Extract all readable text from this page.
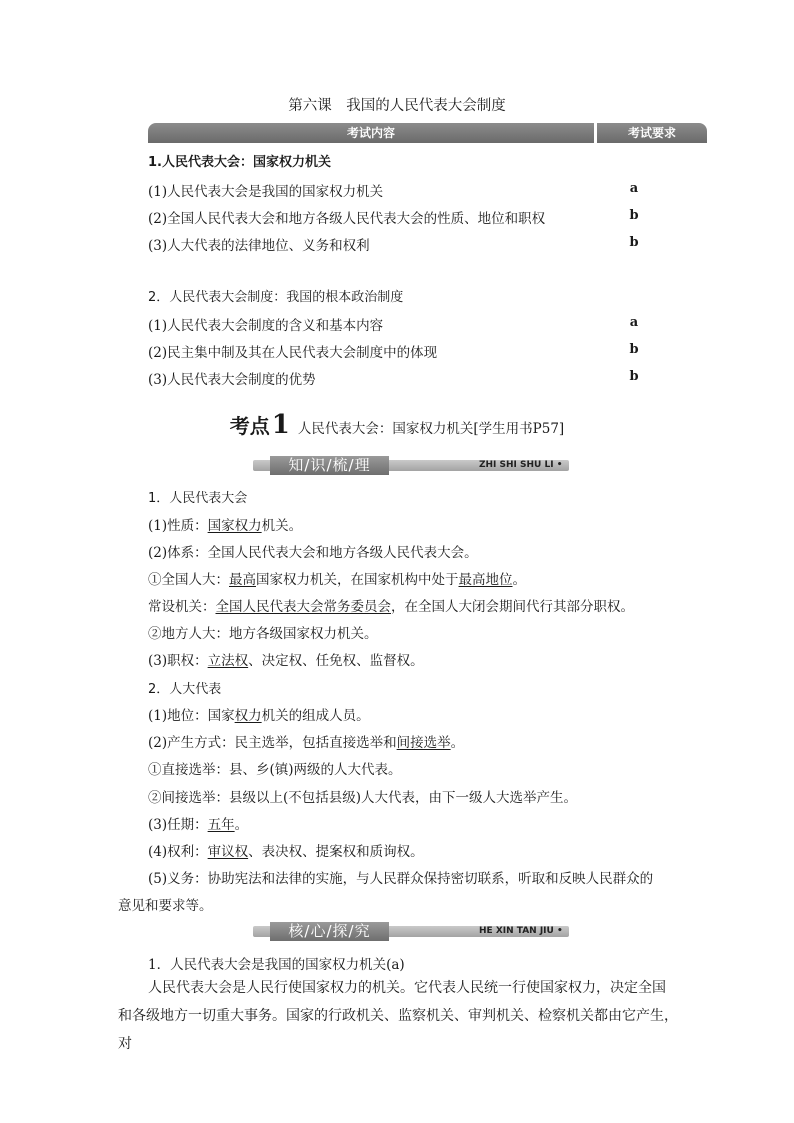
第六课　我国的人民代表大会制度
考试内容	考试要求
1.人民代表大会：国家权力机关
(1)人民代表大会是我国的国家权力机关	a
(2)全国人民代表大会和地方各级人民代表大会的性质、地位和职权	b
(3)人大代表的法律地位、义务和权利	b
2．人民代表大会制度：我国的根本政治制度
(1)人民代表大会制度的含义和基本内容	a
(2)民主集中制及其在人民代表大会制度中的体现	b
(3)人民代表大会制度的优势	b
考点1 人民代表大会：国家权力机关[学生用书P57]
知/识/梳/理	ZHI SHI SHU LI •
1．人民代表大会
(1)性质：国家权力机关。
(2)体系：全国人民代表大会和地方各级人民代表大会。
①全国人大：最高国家权力机关，在国家机构中处于最高地位。
常设机关：全国人民代表大会常务委员会，在全国人大闭会期间代行其部分职权。
②地方人大：地方各级国家权力机关。
(3)职权：立法权、决定权、任免权、监督权。
2．人大代表
(1)地位：国家权力机关的组成人员。
(2)产生方式：民主选举，包括直接选举和间接选举。
①直接选举：县、乡(镇)两级的人大代表。
②间接选举：县级以上(不包括县级)人大代表，由下一级人大选举产生。
(3)任期：五年。
(4)权利：审议权、表决权、提案权和质询权。
(5)义务：协助宪法和法律的实施，与人民群众保持密切联系，听取和反映人民群众的
意见和要求等。
核/心/探/究	HE XIN TAN JIU •
1．人民代表大会是我国的国家权力机关(a)
人民代表大会是人民行使国家权力的机关。它代表人民统一行使国家权力，决定全国和各级地方一切重大事务。国家的行政机关、监察机关、审判机关、检察机关都由它产生，对
